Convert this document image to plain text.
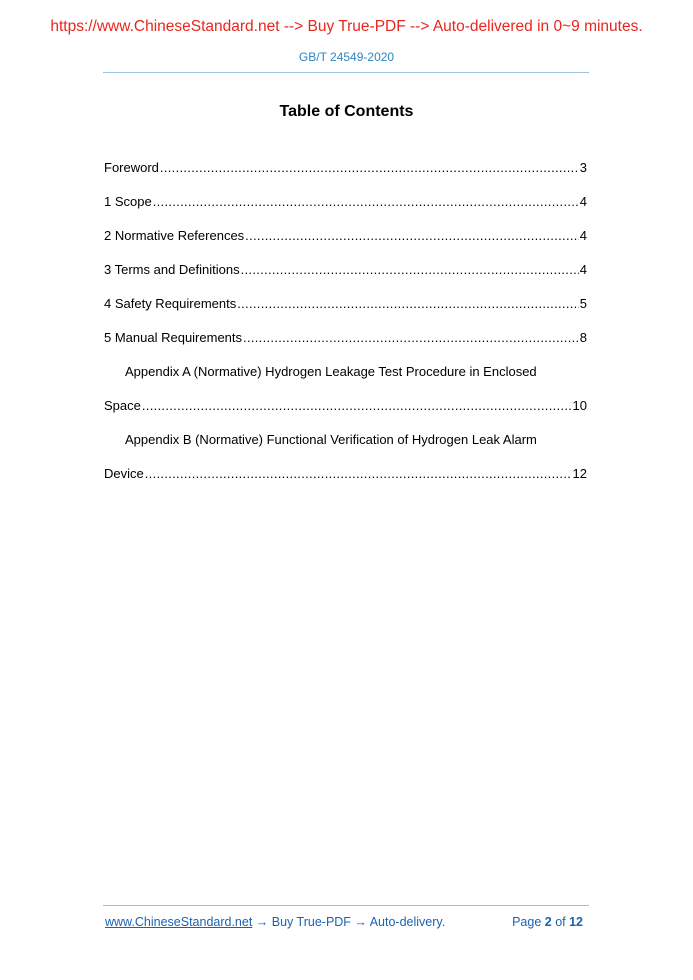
https://www.ChineseStandard.net --> Buy True-PDF --> Auto-delivered in 0~9 minutes.
GB/T 24549-2020
Table of Contents
Foreword .....	3
1 Scope .....	4
2 Normative References .....	4
3 Terms and Definitions .....	4
4 Safety Requirements .....	5
5 Manual Requirements .....	8
Appendix A (Normative) Hydrogen Leakage Test Procedure in Enclosed
Space .....	10
Appendix B (Normative) Functional Verification of Hydrogen Leak Alarm
Device .....	12
www.ChineseStandard.net → Buy True-PDF → Auto-delivery.	Page 2 of 12
